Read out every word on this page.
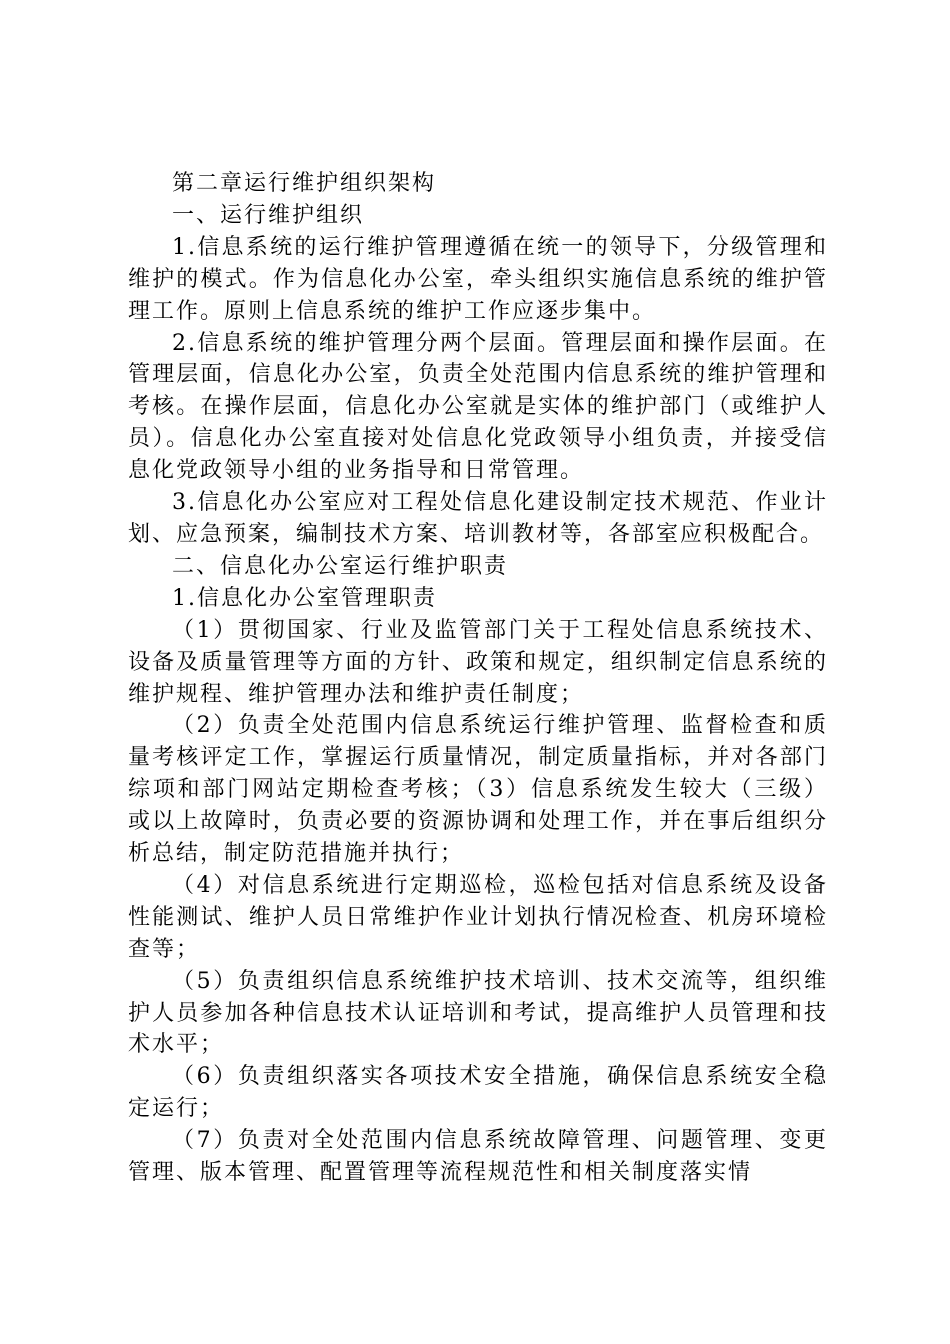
第二章运行维护组织架构

一、运行维护组织

1.信息系统的运行维护管理遵循在统一的领导下，分级管理和维护的模式。作为信息化办公室，牵头组织实施信息系统的维护管理工作。原则上信息系统的维护工作应逐步集中。

2.信息系统的维护管理分两个层面。管理层面和操作层面。在管理层面，信息化办公室，负责全处范围内信息系统的维护管理和考核。在操作层面，信息化办公室就是实体的维护部门（或维护人员）。信息化办公室直接对处信息化党政领导小组负责，并接受信息化党政领导小组的业务指导和日常管理。

3.信息化办公室应对工程处信息化建设制定技术规范、作业计划、应急预案，编制技术方案、培训教材等，各部室应积极配合。

二、信息化办公室运行维护职责

1.信息化办公室管理职责

（1）贯彻国家、行业及监管部门关于工程处信息系统技术、设备及质量管理等方面的方针、政策和规定，组织制定信息系统的维护规程、维护管理办法和维护责任制度；

（2）负责全处范围内信息系统运行维护管理、监督检查和质量考核评定工作，掌握运行质量情况，制定质量指标，并对各部门综项和部门网站定期检查考核；（3）信息系统发生较大（三级）或以上故障时，负责必要的资源协调和处理工作，并在事后组织分析总结，制定防范措施并执行；

（4）对信息系统进行定期巡检，巡检包括对信息系统及设备性能测试、维护人员日常维护作业计划执行情况检查、机房环境检查等；

（5）负责组织信息系统维护技术培训、技术交流等，组织维护人员参加各种信息技术认证培训和考试，提高维护人员管理和技术水平；

（6）负责组织落实各项技术安全措施，确保信息系统安全稳定运行；

（7）负责对全处范围内信息系统故障管理、问题管理、变更管理、版本管理、配置管理等流程规范性和相关制度落实情
